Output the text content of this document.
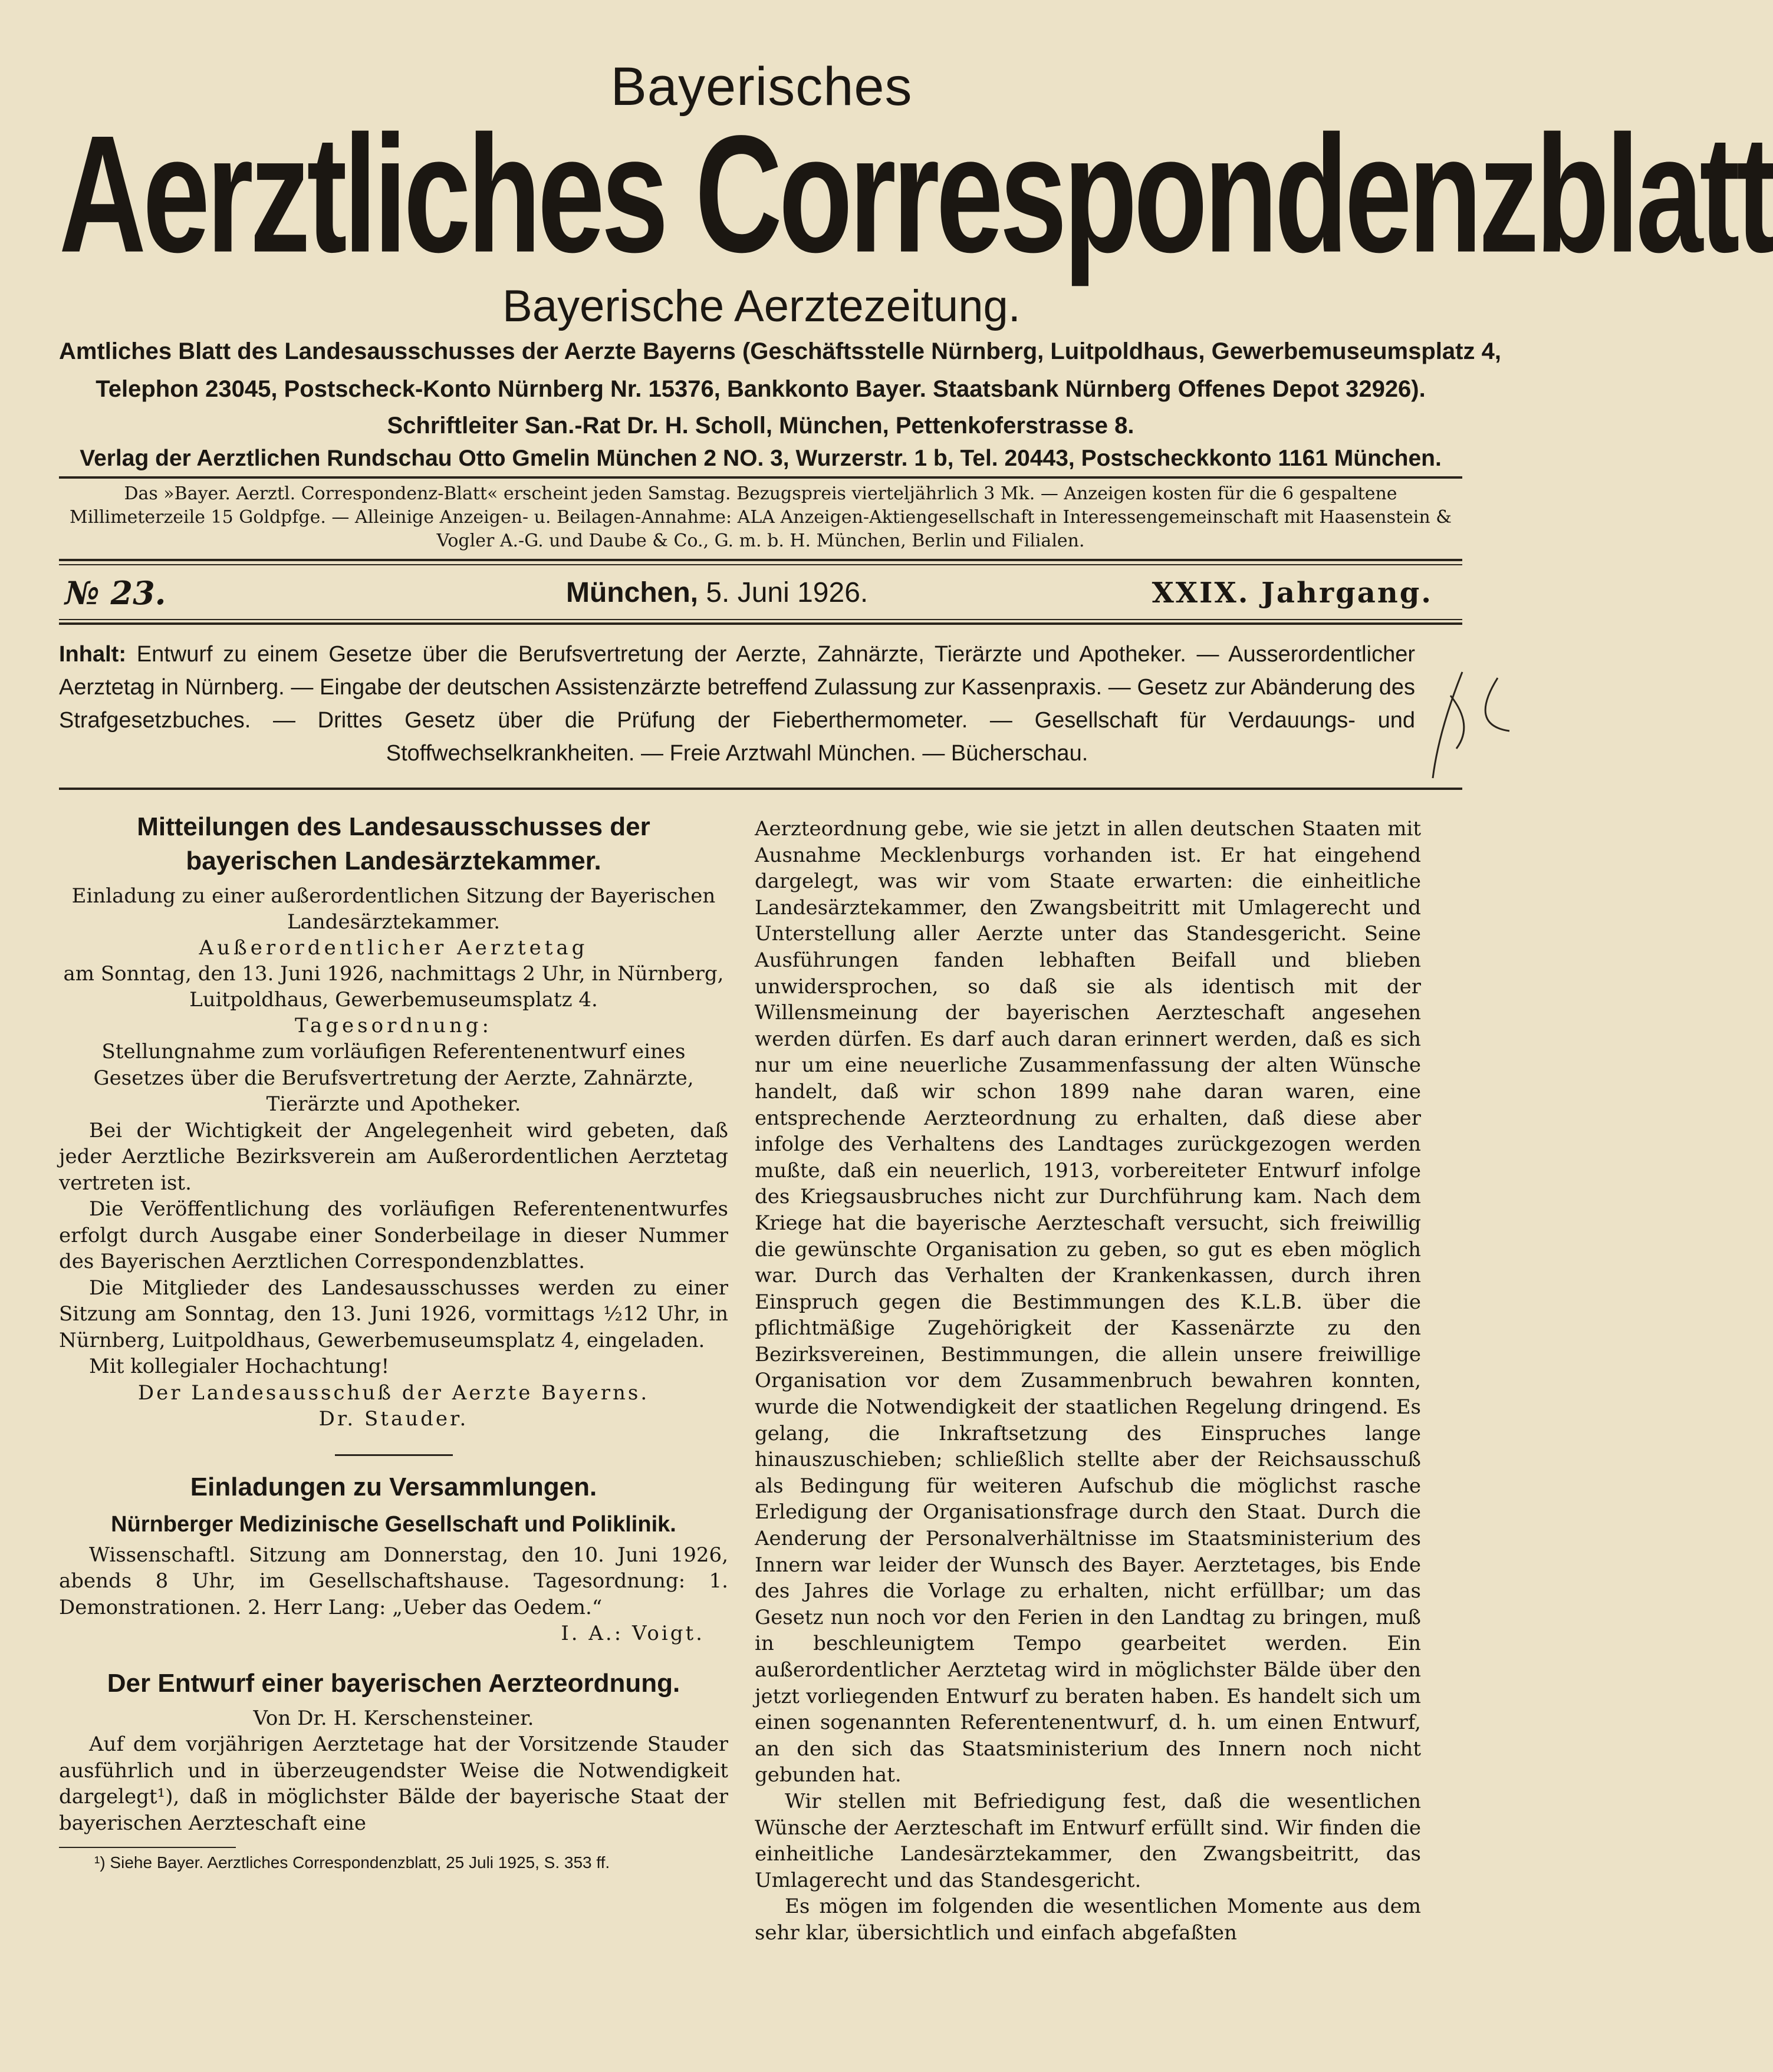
Bayerisches
Aerztliches Correspondenzblatt
Bayerische Aerztezeitung.
Amtliches Blatt des Landesausschusses der Aerzte Bayerns (Geschäftsstelle Nürnberg, Luitpoldhaus, Gewerbemuseumsplatz 4,
Telephon 23045, Postscheck-Konto Nürnberg Nr. 15376, Bankkonto Bayer. Staatsbank Nürnberg Offenes Depot 32926).
Schriftleiter San.-Rat Dr. H. Scholl, München, Pettenkoferstrasse 8.
Verlag der Aerztlichen Rundschau Otto Gmelin München 2 NO. 3, Wurzerstr. 1 b, Tel. 20443, Postscheckkonto 1161 München.
Das »Bayer. Aerztl. Correspondenz-Blatt« erscheint jeden Samstag. Bezugspreis vierteljährlich 3 Mk. — Anzeigen kosten für die 6 gespaltene Millimeterzeile 15 Goldpfge. — Alleinige Anzeigen- u. Beilagen-Annahme: ALA Anzeigen-Aktiengesellschaft in Interessengemeinschaft mit Haasenstein & Vogler A.-G. und Daube & Co., G. m. b. H. München, Berlin und Filialen.
№ 23.	München, 5. Juni 1926.	XXIX. Jahrgang.
Inhalt: Entwurf zu einem Gesetze über die Berufsvertretung der Aerzte, Zahnärzte, Tierärzte und Apotheker. — Ausserordentlicher Aerztetag in Nürnberg. — Eingabe der deutschen Assistenzärzte betreffend Zulassung zur Kassenpraxis. — Gesetz zur Abänderung des Strafgesetzbuches. — Drittes Gesetz über die Prüfung der Fieberthermometer. — Gesellschaft für Verdauungs- und Stoffwechselkrankheiten. — Freie Arztwahl München. — Bücherschau.
Mitteilungen des Landesausschusses der bayerischen Landesärztekammer.
Einladung zu einer außerordentlichen Sitzung der Bayerischen Landesärztekammer.
Außerordentlicher Aerztetag
am Sonntag, den 13. Juni 1926, nachmittags 2 Uhr, in Nürnberg, Luitpoldhaus, Gewerbemuseumsplatz 4.
Tagesordnung:

Stellungnahme zum vorläufigen Referentenentwurf eines Gesetzes über die Berufsvertretung der Aerzte, Zahnärzte, Tierärzte und Apotheker.

Bei der Wichtigkeit der Angelegenheit wird gebeten, daß jeder Aerztliche Bezirksverein am Außerordentlichen Aerztetag vertreten ist.

Die Veröffentlichung des vorläufigen Referentenentwurfes erfolgt durch Ausgabe einer Sonderbeilage in dieser Nummer des Bayerischen Aerztlichen Correspondenzblattes.

Die Mitglieder des Landesausschusses werden zu einer Sitzung am Sonntag, den 13. Juni 1926, vormittags ½12 Uhr, in Nürnberg, Luitpoldhaus, Gewerbemuseumsplatz 4, eingeladen.

Mit kollegialer Hochachtung!

Der Landesausschuß der Aerzte Bayerns.
Dr. Stauder.
Einladungen zu Versammlungen.
Nürnberger Medizinische Gesellschaft und Poliklinik.

Wissenschaftl. Sitzung am Donnerstag, den 10. Juni 1926, abends 8 Uhr, im Gesellschaftshause. Tagesordnung: 1. Demonstrationen. 2. Herr Lang: „Ueber das Oedem.“

I. A.: Voigt.
Der Entwurf einer bayerischen Aerzteordnung.
Von Dr. H. Kerschensteiner.

Auf dem vorjährigen Aerztetage hat der Vorsitzende Stauder ausführlich und in überzeugendster Weise die Notwendigkeit dargelegt¹), daß in möglichster Bälde der bayerische Staat der bayerischen Aerzteschaft eine

¹) Siehe Bayer. Aerztliches Correspondenzblatt, 25 Juli 1925, S. 353 ff.

Aerzteordnung gebe, wie sie jetzt in allen deutschen Staaten mit Ausnahme Mecklenburgs vorhanden ist. Er hat eingehend dargelegt, was wir vom Staate erwarten: die einheitliche Landesärztekammer, den Zwangsbeitritt mit Umlagerecht und Unterstellung aller Aerzte unter das Standesgericht. Seine Ausführungen fanden lebhaften Beifall und blieben unwidersprochen, so daß sie als identisch mit der Willensmeinung der bayerischen Aerzteschaft angesehen werden dürfen. Es darf auch daran erinnert werden, daß es sich nur um eine neuerliche Zusammenfassung der alten Wünsche handelt, daß wir schon 1899 nahe daran waren, eine entsprechende Aerzteordnung zu erhalten, daß diese aber infolge des Verhaltens des Landtages zurückgezogen werden mußte, daß ein neuerlich, 1913, vorbereiteter Entwurf infolge des Kriegsausbruches nicht zur Durchführung kam. Nach dem Kriege hat die bayerische Aerzteschaft versucht, sich freiwillig die gewünschte Organisation zu geben, so gut es eben möglich war. Durch das Verhalten der Krankenkassen, durch ihren Einspruch gegen die Bestimmungen des K.L.B. über die pflichtmäßige Zugehörigkeit der Kassenärzte zu den Bezirksvereinen, Bestimmungen, die allein unsere freiwillige Organisation vor dem Zusammenbruch bewahren konnten, wurde die Notwendigkeit der staatlichen Regelung dringend. Es gelang, die Inkraftsetzung des Einspruches lange hinauszuschieben; schließlich stellte aber der Reichsausschuß als Bedingung für weiteren Aufschub die möglichst rasche Erledigung der Organisationsfrage durch den Staat. Durch die Aenderung der Personalverhältnisse im Staatsministerium des Innern war leider der Wunsch des Bayer. Aerztetages, bis Ende des Jahres die Vorlage zu erhalten, nicht erfüllbar; um das Gesetz nun noch vor den Ferien in den Landtag zu bringen, muß in beschleunigtem Tempo gearbeitet werden. Ein außerordentlicher Aerztetag wird in möglichster Bälde über den jetzt vorliegenden Entwurf zu beraten haben. Es handelt sich um einen sogenannten Referentenentwurf, d. h. um einen Entwurf, an den sich das Staatsministerium des Innern noch nicht gebunden hat.

Wir stellen mit Befriedigung fest, daß die wesentlichen Wünsche der Aerzteschaft im Entwurf erfüllt sind. Wir finden die einheitliche Landesärztekammer, den Zwangsbeitritt, das Umlagerecht und das Standesgericht.

Es mögen im folgenden die wesentlichen Momente aus dem sehr klar, übersichtlich und einfach abgefaßten
